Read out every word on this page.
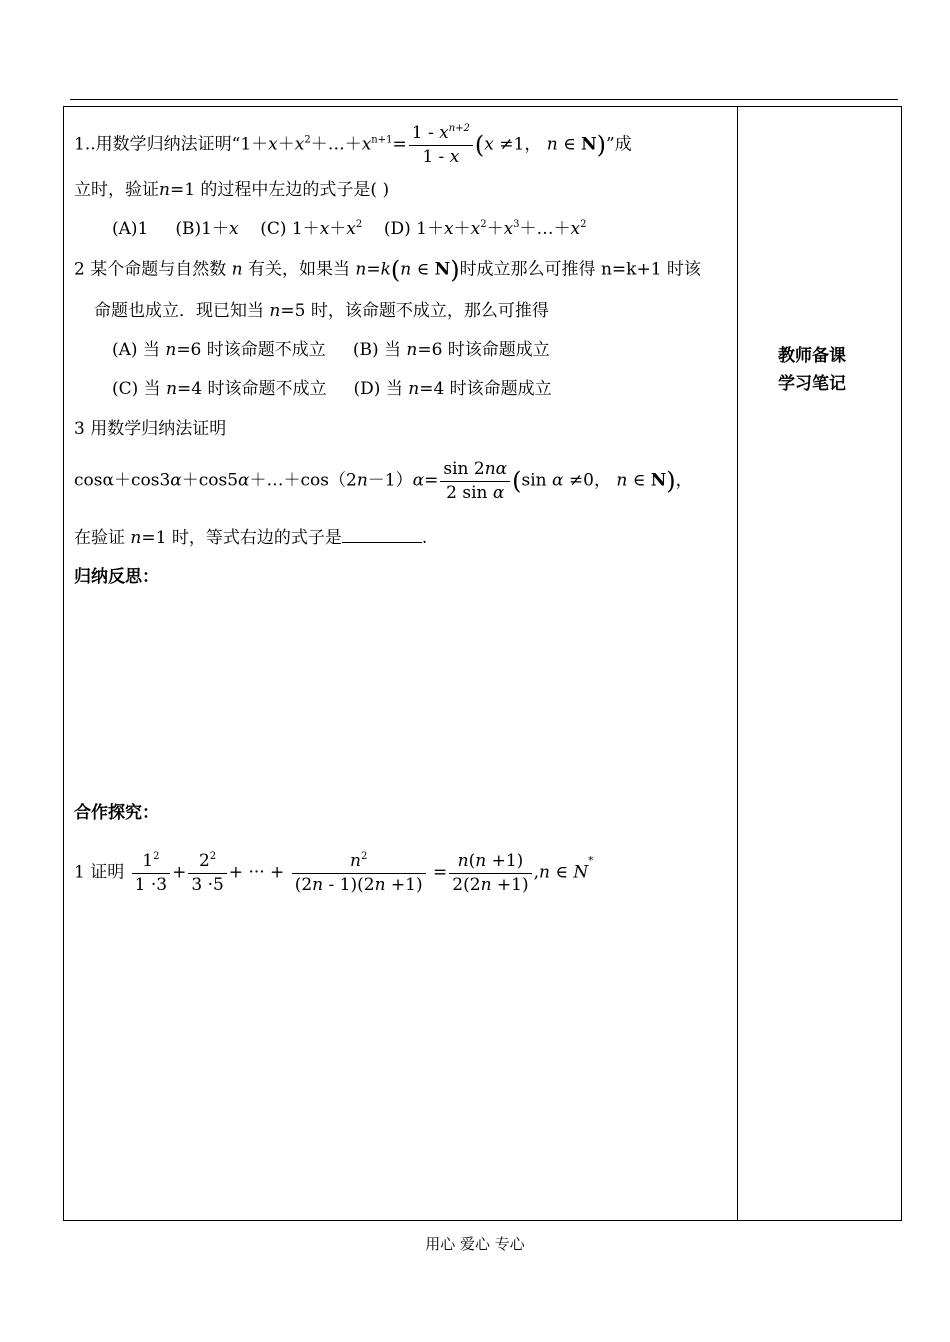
1..用数学归纳法证明“$1+x+x^2+\dots+x^{n+1}= \frac{1 - x^{n+2}}{1 - x} (x \ne 1$， n ∈ N)”成
立时，验证n=1 的过程中左边的式子是( )
(A)1 (B)1＋x (C) $1+x+x^2$ (D) $1+x+x^2+x^3+\dots+x^2$
2 某个命题与自然数 n 有关，如果当 n=k(n ∈ N)时成立那么可推得 n=k+1 时该
命题也成立．现已知当 n=5 时，该命题不成立，那么可推得
(A) 当 n=6 时该命题不成立 (B) 当 n=6 时该命题成立
(C) 当 n=4 时该命题不成立 (D) 当 n=4 时该命题成立
3 用数学归纳法证明
cosα＋cos3α＋cos5α＋…＋cos（2n－1）α= $\frac{\sin 2n\alpha}{\text{2 sin α}} (\sin$ α ≠0， n ∈ N)，
在验证 n=1 时，等式右边的式子是	.
归纳反思：
合作探究：
1 证明 $\frac{1^2}{1 \cdot 3} + \frac{2^2}{3 \cdot 5}$ + ··· + $\frac{n^2}{(2n - 1)(2n +1)} = \frac{n(n +1)}{2(2n +1)} ,n$ ∈ N*
教师备课
学习笔记
用心 爱心 专心
